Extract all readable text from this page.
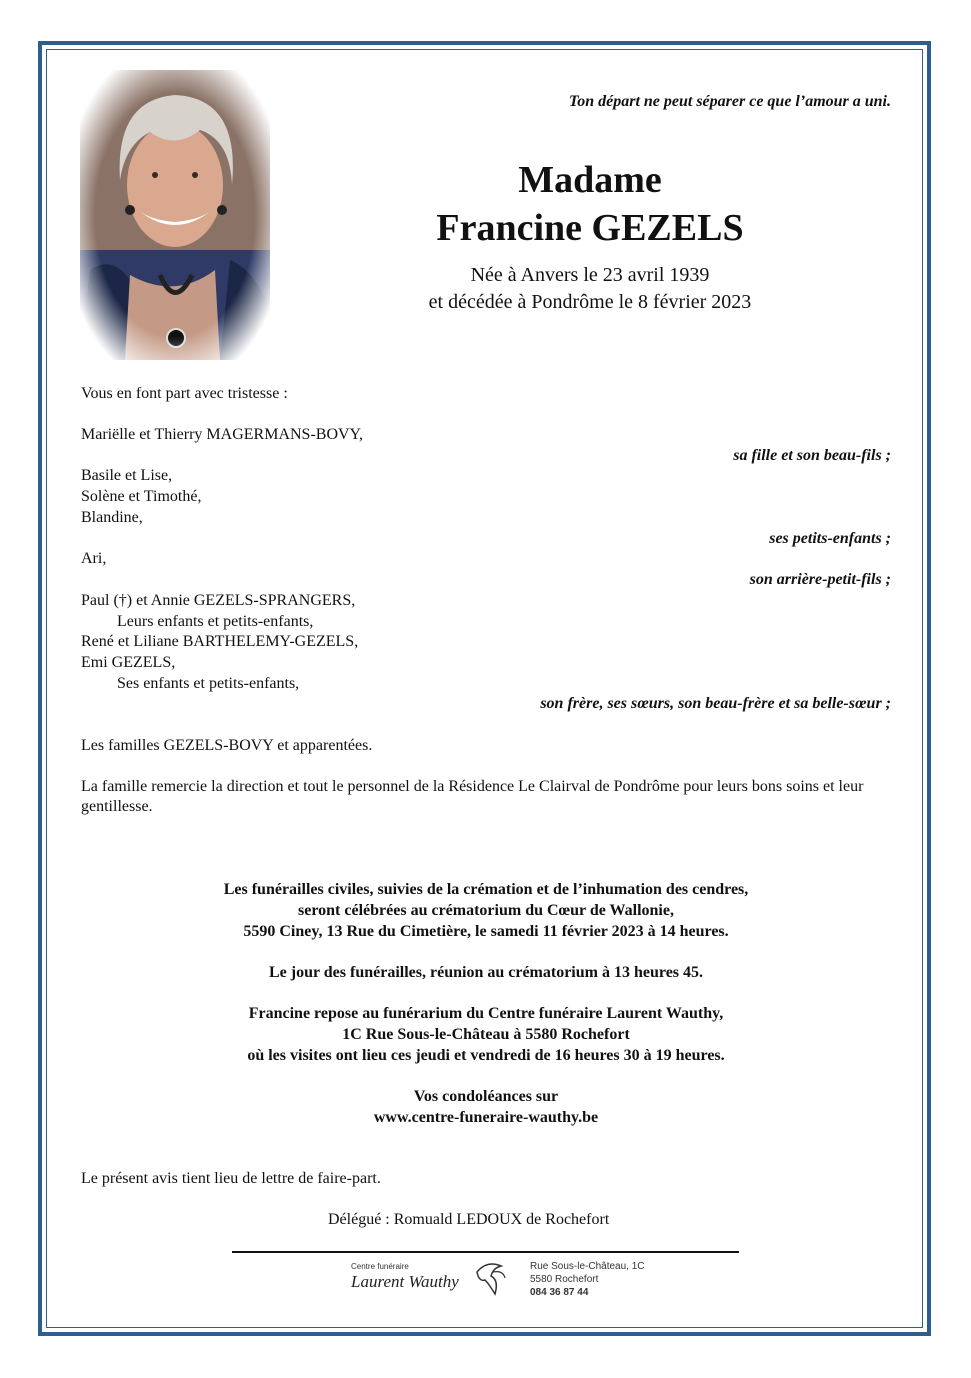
Ton départ ne peut séparer ce que l’amour a uni.
Madame
Francine GEZELS
Née à Anvers le 23 avril 1939
et décédée à Pondrôme le 8 février 2023
Vous en font part avec tristesse :
Mariëlle et Thierry MAGERMANS-BOVY,
sa fille et son beau-fils ;
Basile et Lise,
Solène et Timothé,
Blandine,
ses petits-enfants ;
Ari,
son arrière-petit-fils ;
Paul (†) et Annie GEZELS-SPRANGERS,
Leurs enfants et petits-enfants,
René et Liliane BARTHELEMY-GEZELS,
Emi GEZELS,
Ses enfants et petits-enfants,
son frère, ses sœurs, son beau-frère et sa belle-sœur ;
Les familles GEZELS-BOVY et apparentées.
La famille remercie la direction et tout le personnel de la Résidence Le Clairval de Pondrôme pour leurs bons soins et leur gentillesse.
Les funérailles civiles, suivies de la crémation et de l’inhumation des cendres,
seront célébrées au crématorium du Cœur de Wallonie,
5590 Ciney, 13 Rue du Cimetière, le samedi 11 février 2023 à 14 heures.
Le jour des funérailles, réunion au crématorium à 13 heures 45.
Francine repose au funérarium du Centre funéraire Laurent Wauthy,
1C Rue Sous-le-Château à 5580 Rochefort
où les visites ont lieu ces jeudi et vendredi de 16 heures 30 à 19 heures.
Vos condoléances sur
www.centre-funeraire-wauthy.be
Le présent avis tient lieu de lettre de faire-part.
Délégué : Romuald LEDOUX de Rochefort
Centre funéraire
Laurent Wauthy
Rue Sous-le-Château, 1C
5580 Rochefort
084 36 87 44
